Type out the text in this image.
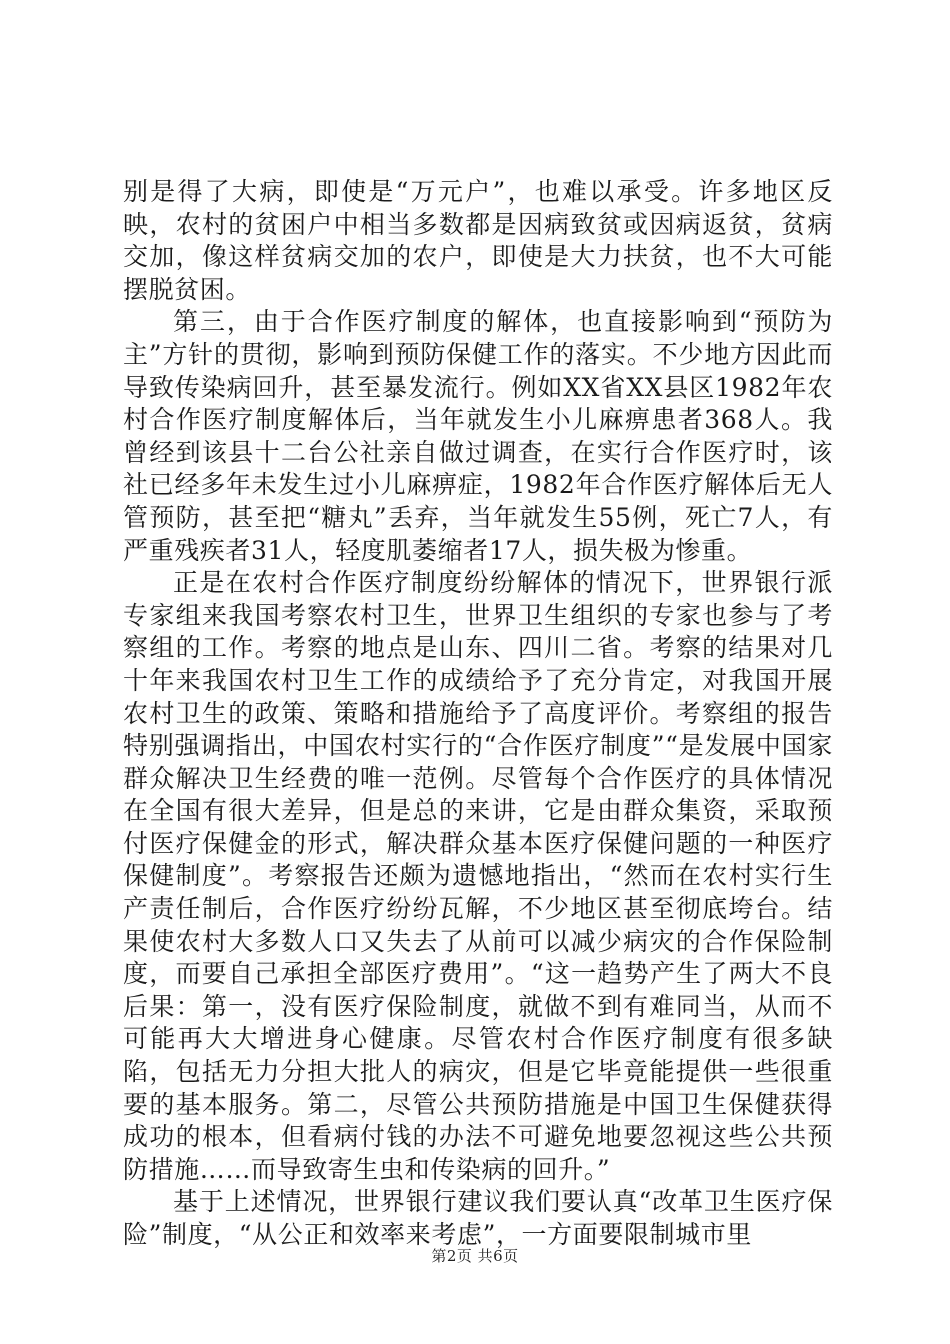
别是得了大病，即使是“万元户”，也难以承受。许多地区反映，农村的贫困户中相当多数都是因病致贫或因病返贫，贫病交加，像这样贫病交加的农户，即使是大力扶贫，也不大可能摆脱贫困。

第三，由于合作医疗制度的解体，也直接影响到“预防为主”方针的贯彻，影响到预防保健工作的落实。不少地方因此而导致传染病回升，甚至暴发流行。例如XX省XX县区1982年农村合作医疗制度解体后，当年就发生小儿麻痹患者368人。我曾经到该县十二台公社亲自做过调查，在实行合作医疗时，该社已经多年未发生过小儿麻痹症，1982年合作医疗解体后无人管预防，甚至把“糖丸”丢弃，当年就发生55例，死亡7人，有严重残疾者31人，轻度肌萎缩者17人，损失极为惨重。

正是在农村合作医疗制度纷纷解体的情况下，世界银行派专家组来我国考察农村卫生，世界卫生组织的专家也参与了考察组的工作。考察的地点是山东、四川二省。考察的结果对几十年来我国农村卫生工作的成绩给予了充分肯定，对我国开展农村卫生的政策、策略和措施给予了高度评价。考察组的报告特别强调指出，中国农村实行的“合作医疗制度”“是发展中国家群众解决卫生经费的唯一范例。尽管每个合作医疗的具体情况在全国有很大差异，但是总的来讲，它是由群众集资，采取预付医疗保健金的形式，解决群众基本医疗保健问题的一种医疗保健制度”。考察报告还颇为遗憾地指出，“然而在农村实行生产责任制后，合作医疗纷纷瓦解，不少地区甚至彻底垮台。结果使农村大多数人口又失去了从前可以减少病灾的合作保险制度，而要自己承担全部医疗费用”。“这一趋势产生了两大不良后果：第一，没有医疗保险制度，就做不到有难同当，从而不可能再大大增进身心健康。尽管农村合作医疗制度有很多缺陷，包括无力分担大批人的病灾，但是它毕竟能提供一些很重要的基本服务。第二，尽管公共预防措施是中国卫生保健获得成功的根本，但看病付钱的办法不可避免地要忽视这些公共预防措施……而导致寄生虫和传染病的回升。”

基于上述情况，世界银行建议我们要认真“改革卫生医疗保险”制度，“从公正和效率来考虑”，一方面要限制城市里

第2页 共6页
